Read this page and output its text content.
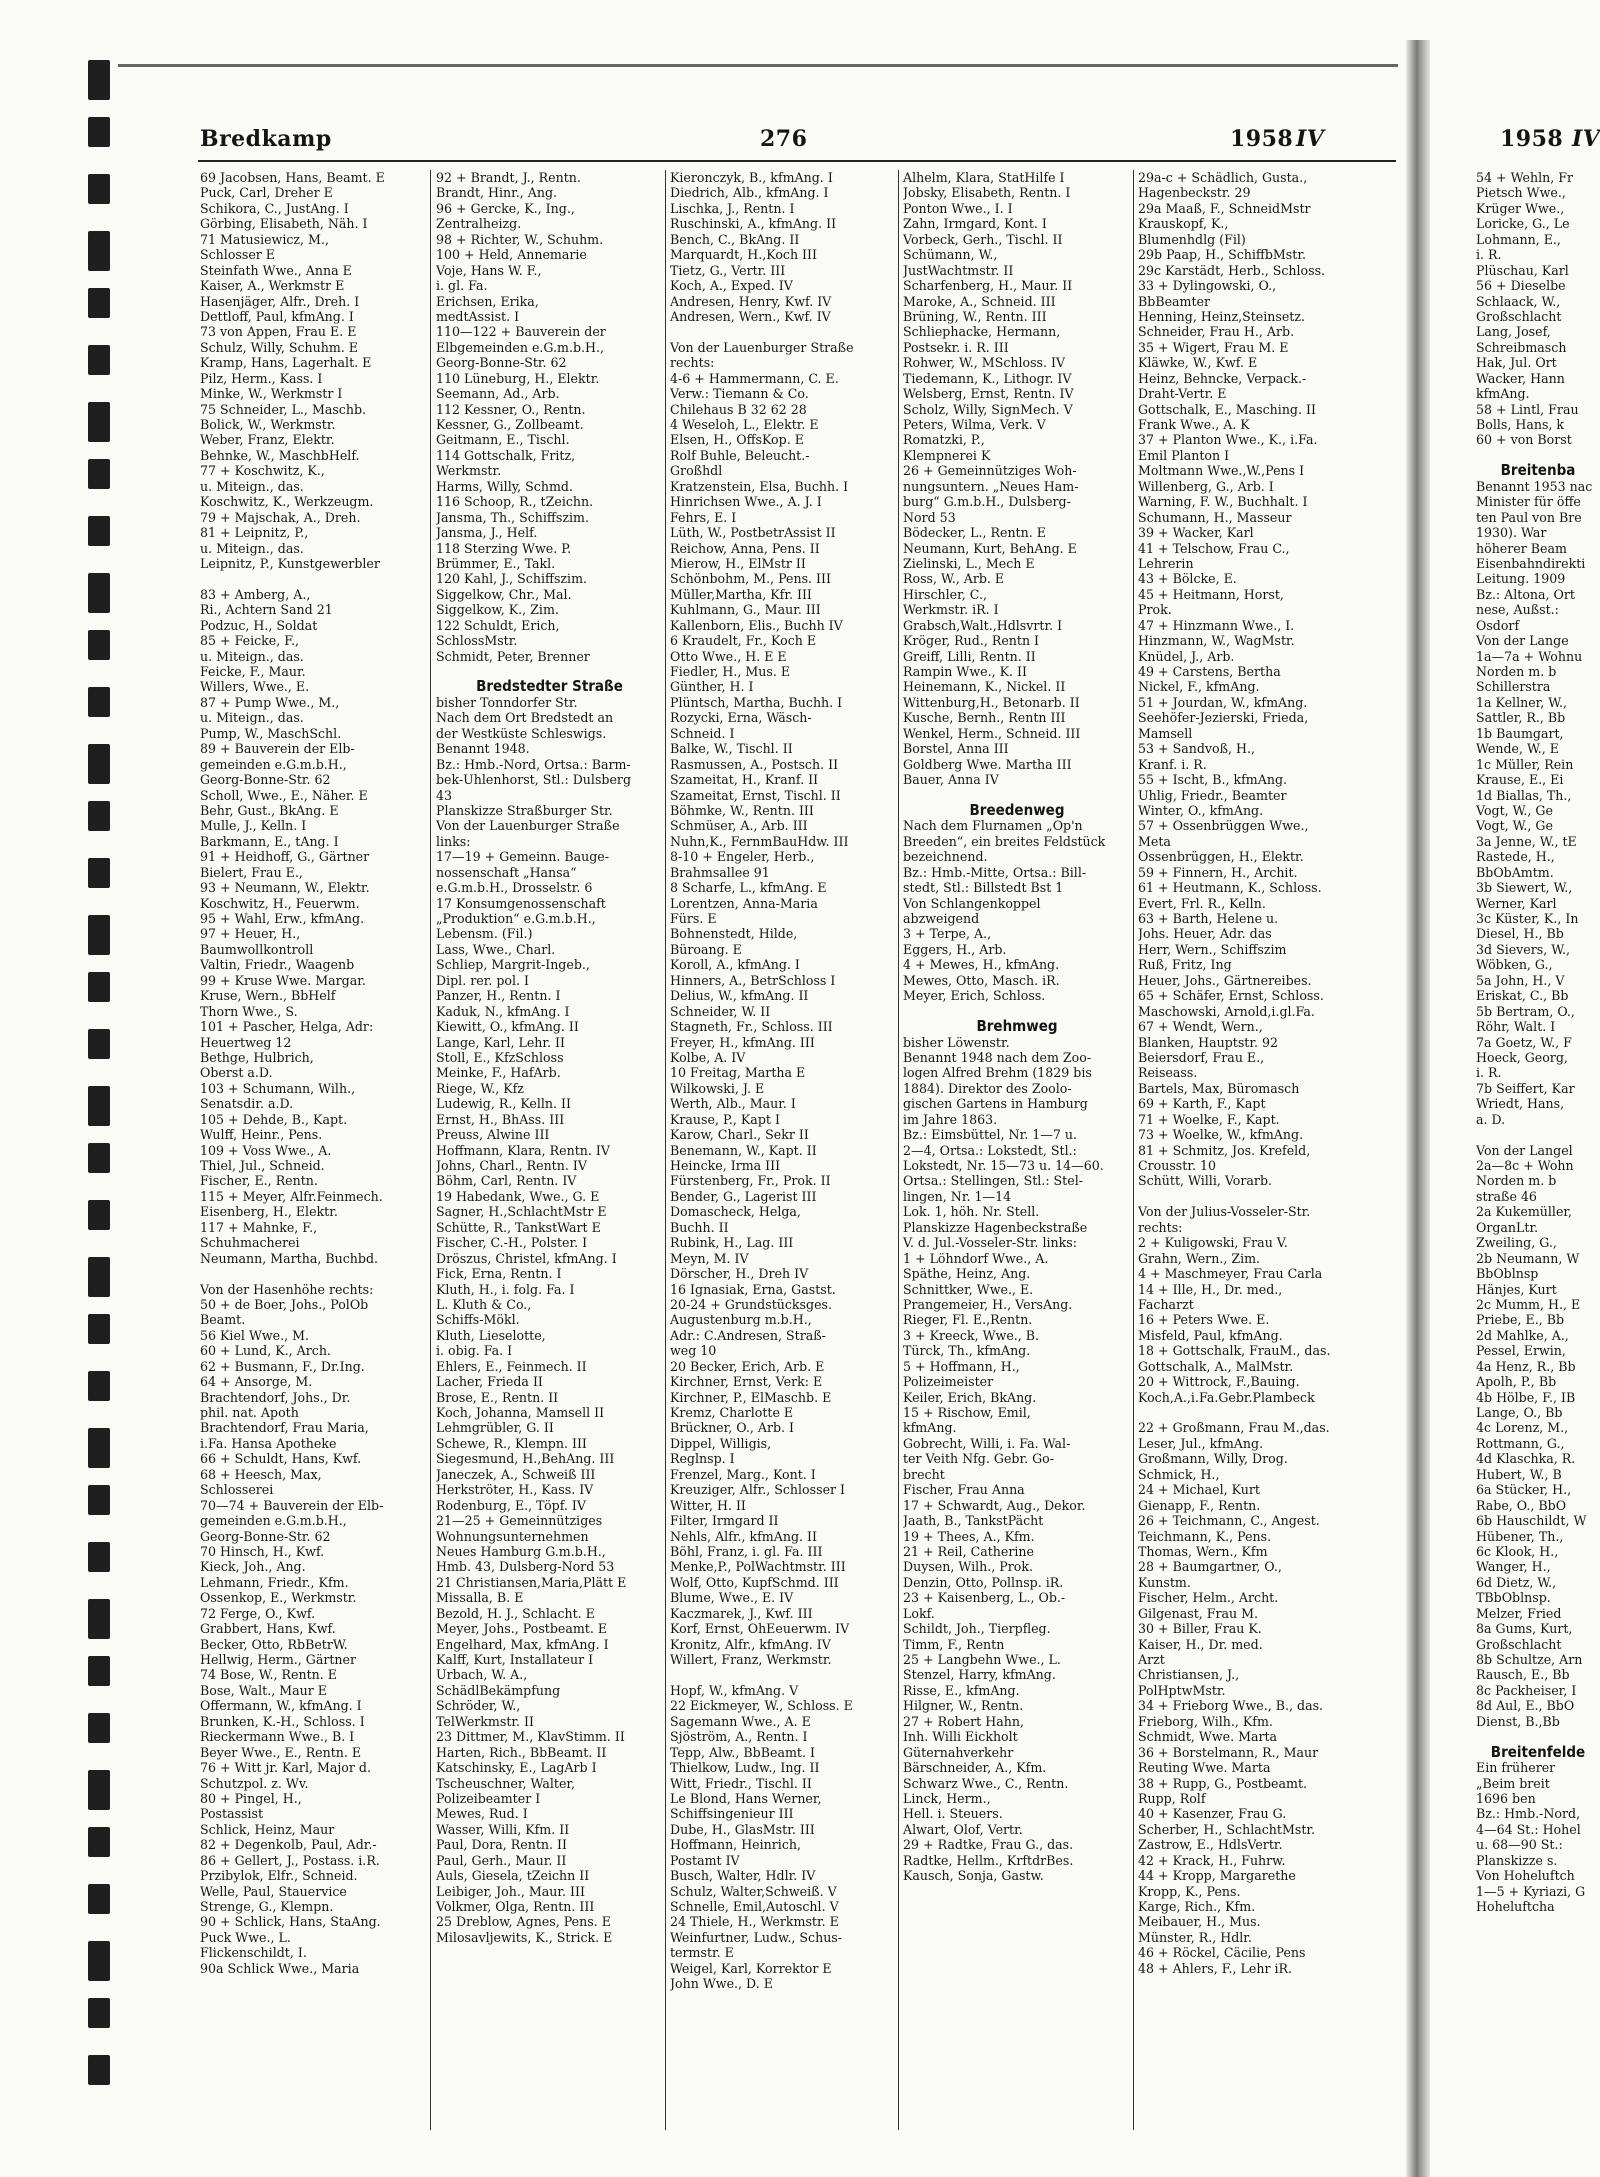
Bredkamp	276	1958 IV	1958 IV
69 Jacobsen, Hans, Beamt. E
Puck, Carl, Dreher E
Schikora, C., JustAng. I
Görbing, Elisabeth, Näh. I
71 Matusiewicz, M.,
Schlosser E
Steinfath Wwe., Anna E
Kaiser, A., Werkmstr E
Hasenjäger, Alfr., Dreh. I
Dettloff, Paul, kfmAng. I
73 von Appen, Frau E. E
Schulz, Willy, Schuhm. E
Kramp, Hans, Lagerhalt. E
Pilz, Herm., Kass. I
Minke, W., Werkmstr I
75 Schneider, L., Maschb.
Bolick, W., Werkmstr.
Weber, Franz, Elektr.
Behnke, W., MaschbHelf.
77 + Koschwitz, K.,
u. Miteign., das.
Koschwitz, K., Werkzeugm.
79 + Majschak, A., Dreh.
81 + Leipnitz, P.,
u. Miteign., das.
Leipnitz, P., Kunstgewerbler
83 + Amberg, A.,
Ri., Achtern Sand 21
Podzuc, H., Soldat
85 + Feicke, F.,
u. Miteign., das.
Feicke, F., Maur.
Willers, Wwe., E.
87 + Pump Wwe., M.,
u. Miteign., das.
Pump, W., MaschSchl.
89 + Bauverein der Elb-
gemeinden e.G.m.b.H.,
Georg-Bonne-Str. 62
Scholl, Wwe., E., Näher. E
Behr, Gust., BkAng. E
Mulle, J., Kelln. I
Barkmann, E., tAng. I
91 + Heidhoff, G., Gärtner
Bielert, Frau E.,
93 + Neumann, W., Elektr.
Koschwitz, H., Feuerwm.
95 + Wahl, Erw., kfmAng.
97 + Heuer, H.,
Baumwollkontroll
Valtin, Friedr., Waagenb
99 + Kruse Wwe. Margar.
Kruse, Wern., BbHelf
Thorn Wwe., S.
101 + Pascher, Helga, Adr:
Heuertweg 12
Bethge, Hulbrich,
Oberst a.D.
103 + Schumann, Wilh.,
Senatsdir. a.D.
105 + Dehde, B., Kapt.
Wulff, Heinr., Pens.
109 + Voss Wwe., A.
Thiel, Jul., Schneid.
Fischer, E., Rentn.
115 + Meyer, Alfr.Feinmech.
Eisenberg, H., Elektr.
117 + Mahnke, F.,
Schuhmacherei
Neumann, Martha, Buchbd.
Von der Hasenhöhe rechts:
50 + de Boer, Johs., PolOb
Beamt.
56 Kiel Wwe., M.
60 + Lund, K., Arch.
62 + Busmann, F., Dr.Ing.
64 + Ansorge, M.
Brachtendorf, Johs., Dr.
phil. nat. Apoth
Brachtendorf, Frau Maria,
i.Fa. Hansa Apotheke
66 + Schuldt, Hans, Kwf.
68 + Heesch, Max,
Schlosserei
70—74 + Bauverein der Elb-
gemeinden e.G.m.b.H.,
Georg-Bonne-Str. 62
70 Hinsch, H., Kwf.
Kieck, Joh., Ang.
Lehmann, Friedr., Kfm.
Ossenkop, E., Werkmstr.
72 Ferge, O., Kwf.
Grabbert, Hans, Kwf.
Becker, Otto, RbBetrW.
Hellwig, Herm., Gärtner
74 Bose, W., Rentn. E
Bose, Walt., Maur E
Offermann, W., kfmAng. I
Brunken, K.-H., Schloss. I
Rieckermann Wwe., B. I
Beyer Wwe., E., Rentn. E
76 + Witt jr. Karl, Major d.
Schutzpol. z. Wv.
80 + Pingel, H.,
Postassist
Schlick, Heinz, Maur
82 + Degenkolb, Paul, Adr.-
86 + Gellert, J., Postass. i.R.
Przibylok, Elfr., Schneid.
Welle, Paul, Stauervice
Strenge, G., Klempn.
90 + Schlick, Hans, StaAng.
Puck Wwe., L.
Flickenschildt, I.
90a Schlick Wwe., Maria
92 + Brandt, J., Rentn.
Brandt, Hinr., Ang.
96 + Gercke, K., Ing.,
Zentralheizg.
98 + Richter, W., Schuhm.
100 + Held, Annemarie
Voje, Hans W. F.,
i. gl. Fa.
Erichsen, Erika,
medtAssist. I
110—122 + Bauverein der
Elbgemeinden e.G.m.b.H.,
Georg-Bonne-Str. 62
110 Lüneburg, H., Elektr.
Seemann, Ad., Arb.
112 Kessner, O., Rentn.
Kessner, G., Zollbeamt.
Geitmann, E., Tischl.
114 Gottschalk, Fritz,
Werkmstr.
Harms, Willy, Schmd.
116 Schoop, R., tZeichn.
Jansma, Th., Schiffszim.
Jansma, J., Helf.
118 Sterzing Wwe. P.
Brümmer, E., Takl.
120 Kahl, J., Schiffszim.
Siggelkow, Chr., Mal.
Siggelkow, K., Zim.
122 Schuldt, Erich,
SchlossMstr.
Schmidt, Peter, Brenner
Bredstedter Straße
bisher Tonndorfer Str.
Nach dem Ort Bredstedt an
der Westküste Schleswigs.
Benannt 1948.
Bz.: Hmb.-Nord, Ortsa.: Barm-
bek-Uhlenhorst, Stl.: Dulsberg
43
Planskizze Straßburger Str.
Von der Lauenburger Straße
links:
17—19 + Gemeinn. Bauge-
nossenschaft „Hansa“
e.G.m.b.H., Drosselstr. 6
17 Konsumgenossenschaft
„Produktion“ e.G.m.b.H.,
Lebensm. (Fil.)
Lass, Wwe., Charl.
Schliep, Margrit-Ingeb.,
Dipl. rer. pol. I
Panzer, H., Rentn. I
Kaduk, N., kfmAng. I
Kiewitt, O., kfmAng. II
Lange, Karl, Lehr. II
Stoll, E., KfzSchloss
Meinke, F., HafArb.
Riege, W., Kfz
Ludewig, R., Kelln. II
Ernst, H., BhAss. III
Preuss, Alwine III
Hoffmann, Klara, Rentn. IV
Johns, Charl., Rentn. IV
Böhm, Carl, Rentn. IV
19 Habedank, Wwe., G. E
Sagner, H.,SchlachtMstr E
Schütte, R., TankstWart E
Fischer, C.-H., Polster. I
Dröszus, Christel, kfmAng. I
Fick, Erna, Rentn. I
Kluth, H., i. folg. Fa. I
L. Kluth & Co.,
Schiffs-Mökl.
Kluth, Lieselotte,
i. obig. Fa. I
Ehlers, E., Feinmech. II
Lacher, Frieda II
Brose, E., Rentn. II
Koch, Johanna, Mamsell II
Lehmgrübler, G. II
Schewe, R., Klempn. III
Siegesmund, H.,BehAng. III
Janeczek, A., Schweiß III
Herkströter, H., Kass. IV
Rodenburg, E., Töpf. IV
21—25 + Gemeinnütziges
Wohnungsunternehmen
Neues Hamburg G.m.b.H.,
Hmb. 43, Dulsberg-Nord 53
21 Christiansen,Maria,Plätt E
Missalla, B. E
Bezold, H. J., Schlacht. E
Meyer, Johs., Postbeamt. E
Engelhard, Max, kfmAng. I
Kalff, Kurt, Installateur I
Urbach, W. A.,
SchädlBekämpfung
Schröder, W.,
TelWerkmstr. II
23 Dittmer, M., KlavStimm. II
Harten, Rich., BbBeamt. II
Katschinsky, E., LagArb I
Tscheuschner, Walter,
Polizeibeamter I
Mewes, Rud. I
Wasser, Willi, Kfm. II
Paul, Dora, Rentn. II
Paul, Gerh., Maur. II
Auls, Giesela, tZeichn II
Leibiger, Joh., Maur. III
Volkmer, Olga, Rentn. III
25 Dreblow, Agnes, Pens. E
Milosavljewits, K., Strick. E
Kieronczyk, B., kfmAng. I
Diedrich, Alb., kfmAng. I
Lischka, J., Rentn. I
Ruschinski, A., kfmAng. II
Bench, C., BkAng. II
Marquardt, H.,Koch III
Tietz, G., Vertr. III
Koch, A., Exped. IV
Andresen, Henry, Kwf. IV
Andresen, Wern., Kwf. IV
Von der Lauenburger Straße
rechts:
4-6 + Hammermann, C. E.
Verw.: Tiemann & Co.
Chilehaus B 32 62 28
4 Weseloh, L., Elektr. E
Elsen, H., OffsKop. E
Rolf Buhle, Beleucht.-
Großhdl
Kratzenstein, Elsa, Buchh. I
Hinrichsen Wwe., A. J. I
Fehrs, E. I
Lüth, W., PostbetrAssist II
Reichow, Anna, Pens. II
Mierow, H., ElMstr II
Schönbohm, M., Pens. III
Müller,Martha, Kfr. III
Kuhlmann, G., Maur. III
Kallenborn, Elis., Buchh IV
6 Kraudelt, Fr., Koch E
Otto Wwe., H. E E
Fiedler, H., Mus. E
Günther, H. I
Plüntsch, Martha, Buchh. I
Rozycki, Erna, Wäsch-
Schneid. I
Balke, W., Tischl. II
Rasmussen, A., Postsch. II
Szameitat, H., Kranf. II
Szameitat, Ernst, Tischl. II
Böhmke, W., Rentn. III
Schmüser, A., Arb. III
Nuhn,K., FernmBauHdw. III
8-10 + Engeler, Herb.,
Brahmsallee 91
8 Scharfe, L., kfmAng. E
Lorentzen, Anna-Maria
Fürs. E
Bohnenstedt, Hilde,
Büroang. E
Koroll, A., kfmAng. I
Hinners, A., BetrSchloss I
Delius, W., kfmAng. II
Schneider, W. II
Stagneth, Fr., Schloss. III
Freyer, H., kfmAng. III
Kolbe, A. IV
10 Freitag, Martha E
Wilkowski, J. E
Werth, Alb., Maur. I
Krause, P., Kapt I
Karow, Charl., Sekr II
Benemann, W., Kapt. II
Heincke, Irma III
Fürstenberg, Fr., Prok. II
Bender, G., Lagerist III
Domascheck, Helga,
Buchh. II
Rubink, H., Lag. III
Meyn, M. IV
Dörscher, H., Dreh IV
16 Ignasiak, Erna, Gastst.
20-24 + Grundstücksges.
Augustenburg m.b.H.,
Adr.: C.Andresen, Straß-
weg 10
20 Becker, Erich, Arb. E
Kirchner, Ernst, Verk: E
Kirchner, P., ElMaschb. E
Kremz, Charlotte E
Brückner, O., Arb. I
Dippel, Willigis,
Reglnsp. I
Frenzel, Marg., Kont. I
Kreuziger, Alfr., Schlosser I
Witter, H. II
Filter, Irmgard II
Nehls, Alfr., kfmAng. II
Böhl, Franz, i. gl. Fa. III
Menke,P., PolWachtmstr. III
Wolf, Otto, KupfSchmd. III
Blume, Wwe., E. IV
Kaczmarek, J., Kwf. III
Korf, Ernst, OhEeuerwm. IV
Kronitz, Alfr., kfmAng. IV
Willert, Franz, Werkmstr.
Hopf, W., kfmAng. V
22 Eickmeyer, W., Schloss. E
Sagemann Wwe., A. E
Sjöström, A., Rentn. I
Tepp, Alw., BbBeamt. I
Thielkow, Ludw., Ing. II
Witt, Friedr., Tischl. II
Le Blond, Hans Werner,
Schiffsingenieur III
Dube, H., GlasMstr. III
Hoffmann, Heinrich,
Postamt IV
Busch, Walter, Hdlr. IV
Schulz, Walter,Schweiß. V
Schnelle, Emil,Autoschl. V
24 Thiele, H., Werkmstr. E
Weinfurtner, Ludw., Schus-
termstr. E
Weigel, Karl, Korrektor E
John Wwe., D. E
Alhelm, Klara, StatHilfe I
Jobsky, Elisabeth, Rentn. I
Ponton Wwe., I. I
Zahn, Irmgard, Kont. I
Vorbeck, Gerh., Tischl. II
Schümann, W.,
JustWachtmstr. II
Scharfenberg, H., Maur. II
Maroke, A., Schneid. III
Brüning, W., Rentn. III
Schliephacke, Hermann,
Postsekr. i. R. III
Rohwer, W., MSchloss. IV
Tiedemann, K., Lithogr. IV
Welsberg, Ernst, Rentn. IV
Scholz, Willy, SignMech. V
Peters, Wilma, Verk. V
Romatzki, P.,
Klempnerei K
26 + Gemeinnütziges Woh-
nungsuntern. „Neues Ham-
burg“ G.m.b.H., Dulsberg-
Nord 53
Bödecker, L., Rentn. E
Neumann, Kurt, BehAng. E
Zielinski, L., Mech E
Ross, W., Arb. E
Hirschler, C.,
Werkmstr. iR. I
Grabsch,Walt.,Hdlsvrtr. I
Kröger, Rud., Rentn I
Greiff, Lilli, Rentn. II
Rampin Wwe., K. II
Heinemann, K., Nickel. II
Wittenburg,H., Betonarb. II
Kusche, Bernh., Rentn III
Wenkel, Herm., Schneid. III
Borstel, Anna III
Goldberg Wwe. Martha III
Bauer, Anna IV
Breedenweg
Nach dem Flurnamen „Op'n
Breeden“, ein breites Feldstück
bezeichnend.
Bz.: Hmb.-Mitte, Ortsa.: Bill-
stedt, Stl.: Billstedt Bst 1
Von Schlangenkoppel
abzweigend
3 + Terpe, A.,
Eggers, H., Arb.
4 + Mewes, H., kfmAng.
Mewes, Otto, Masch. iR.
Meyer, Erich, Schloss.
Brehmweg
bisher Löwenstr.
Benannt 1948 nach dem Zoo-
logen Alfred Brehm (1829 bis
1884). Direktor des Zoolo-
gischen Gartens in Hamburg
im Jahre 1863.
Bz.: Eimsbüttel, Nr. 1—7 u.
2—4, Ortsa.: Lokstedt, Stl.:
Lokstedt, Nr. 15—73 u. 14—60.
Ortsa.: Stellingen, Stl.: Stel-
lingen, Nr. 1—14
Lok. 1, höh. Nr. Stell.
Planskizze Hagenbeckstraße
V. d. Jul.-Vosseler-Str. links:
1 + Löhndorf Wwe., A.
Späthe, Heinz, Ang.
Schnittker, Wwe., E.
Prangemeier, H., VersAng.
Rieger, Fl. E.,Rentn.
3 + Kreeck, Wwe., B.
Türck, Th., kfmAng.
5 + Hoffmann, H.,
Polizeimeister
Keiler, Erich, BkAng.
15 + Rischow, Emil,
kfmAng.
Gobrecht, Willi, i. Fa. Wal-
ter Veith Nfg. Gebr. Go-
brecht
Fischer, Frau Anna
17 + Schwardt, Aug., Dekor.
Jaath, B., TankstPächt
19 + Thees, A., Kfm.
21 + Reil, Catherine
Duysen, Wilh., Prok.
Denzin, Otto, Pollnsp. iR.
23 + Kaisenberg, L., Ob.-
Lokf.
Schildt, Joh., Tierpfleg.
Timm, F., Rentn
25 + Langbehn Wwe., L.
Stenzel, Harry, kfmAng.
Risse, E., kfmAng.
Hilgner, W., Rentn.
27 + Robert Hahn,
Inh. Willi Eickholt
Güternahverkehr
Bärschneider, A., Kfm.
Schwarz Wwe., C., Rentn.
Linck, Herm.,
Hell. i. Steuers.
Alwart, Olof, Vertr.
29 + Radtke, Frau G., das.
Radtke, Hellm., KrftdrBes.
Kausch, Sonja, Gastw.
29a-c + Schädlich, Gusta.,
Hagenbeckstr. 29
29a Maaß, F., SchneidMstr
Krauskopf, K.,
Blumenhdlg (Fil)
29b Paap, H., SchiffbMstr.
29c Karstädt, Herb., Schloss.
33 + Dylingowski, O.,
BbBeamter
Henning, Heinz,Steinsetz.
Schneider, Frau H., Arb.
35 + Wigert, Frau M. E
Kläwke, W., Kwf. E
Heinz, Behncke, Verpack.-
Draht-Vertr. E
Gottschalk, E., Masching. II
Frank Wwe., A. K
37 + Planton Wwe., K., i.Fa.
Emil Planton I
Moltmann Wwe.,W.,Pens I
Willenberg, G., Arb. I
Warning, F. W., Buchhalt. I
Schumann, H., Masseur
39 + Wacker, Karl
41 + Telschow, Frau C.,
Lehrerin
43 + Bölcke, E.
45 + Heitmann, Horst,
Prok.
47 + Hinzmann Wwe., I.
Hinzmann, W., WagMstr.
Knüdel, J., Arb.
49 + Carstens, Bertha
Nickel, F., kfmAng.
51 + Jourdan, W., kfmAng.
Seehöfer-Jezierski, Frieda,
Mamsell
53 + Sandvoß, H.,
Kranf. i. R.
55 + Ischt, B., kfmAng.
Uhlig, Friedr., Beamter
Winter, O., kfmAng.
57 + Ossenbrüggen Wwe.,
Meta
Ossenbrüggen, H., Elektr.
59 + Finnern, H., Archit.
61 + Heutmann, K., Schloss.
Evert, Frl. R., Kelln.
63 + Barth, Helene u.
Johs. Heuer, Adr. das
Herr, Wern., Schiffszim
Ruß, Fritz, Ing
Heuer, Johs., Gärtnereibes.
65 + Schäfer, Ernst, Schloss.
Maschowski, Arnold,i.gl.Fa.
67 + Wendt, Wern.,
Blanken, Hauptstr. 92
Beiersdorf, Frau E.,
Reiseass.
Bartels, Max, Büromasch
69 + Karth, F., Kapt
71 + Woelke, F., Kapt.
73 + Woelke, W., kfmAng.
81 + Schmitz, Jos. Krefeld,
Crousstr. 10
Schütt, Willi, Vorarb.
Von der Julius-Vosseler-Str.
rechts:
2 + Kuligowski, Frau V.
Grahn, Wern., Zim.
4 + Maschmeyer, Frau Carla
14 + Ille, H., Dr. med.,
Facharzt
16 + Peters Wwe. E.
Misfeld, Paul, kfmAng.
18 + Gottschalk, FrauM., das.
Gottschalk, A., MalMstr.
20 + Wittrock, F.,Bauing.
Koch,A.,i.Fa.Gebr.Plambeck
22 + Großmann, Frau M.,das.
Leser, Jul., kfmAng.
Großmann, Willy, Drog.
Schmick, H.,
24 + Michael, Kurt
Gienapp, F., Rentn.
26 + Teichmann, C., Angest.
Teichmann, K., Pens.
Thomas, Wern., Kfm
28 + Baumgartner, O.,
Kunstm.
Fischer, Helm., Archt.
Gilgenast, Frau M.
30 + Biller, Frau K.
Kaiser, H., Dr. med.
Arzt
Christiansen, J.,
PolHptwMstr.
34 + Frieborg Wwe., B., das.
Frieborg, Wilh., Kfm.
Schmidt, Wwe. Marta
36 + Borstelmann, R., Maur
Reuting Wwe. Marta
38 + Rupp, G., Postbeamt.
Rupp, Rolf
40 + Kasenzer, Frau G.
Scherber, H., SchlachtMstr.
Zastrow, E., HdlsVertr.
42 + Krack, H., Fuhrw.
44 + Kropp, Margarethe
Kropp, K., Pens.
Karge, Rich., Kfm.
Meibauer, H., Mus.
Münster, R., Hdlr.
46 + Röckel, Cäcilie, Pens
48 + Ahlers, F., Lehr iR.
54 + Wehln, Fr
Pietsch Wwe.,
Krüger Wwe.,
Loricke, G., Le
Lohmann, E.,
i. R.
Plüschau, Karl
56 + Dieselbe
Schlaack, W.,
Großschlacht
Lang, Josef,
Schreibmasch
Hak, Jul. Ort
Wacker, Hann
kfmAng.
58 + Lintl, Frau
Bolls, Hans, k
60 + von Borst
Breitenba
Benannt 1953 nac
Minister für öffe
ten Paul von Bre
1930). War
höherer Beam
Eisenbahndirekti
Leitung. 1909
Bz.: Altona, Ort
nese, Außst.:
Osdorf
Von der Lange
1a—7a + Wohnu
Norden m. b
Schillerstra
1a Kellner, W.,
Sattler, R., Bb
1b Baumgart,
Wende, W., E
1c Müller, Rein
Krause, E., Ei
1d Biallas, Th.,
Vogt, W., Ge
Vogt, W., Ge
3a Jenne, W., tE
Rastede, H.,
BbObAmtm.
3b Siewert, W.,
Werner, Karl
3c Küster, K., In
Diesel, H., Bb
3d Sievers, W.,
Wöbken, G.,
5a John, H., V
Eriskat, C., Bb
5b Bertram, O.,
Röhr, Walt. I
7a Goetz, W., F
Hoeck, Georg,
i. R.
7b Seiffert, Kar
Wriedt, Hans,
a. D.
Von der Langel
2a—8c + Wohn
Norden m. b
straße 46
2a Kukemüller,
OrganLtr.
Zweiling, G.,
2b Neumann, W
BbOblnsp
Hänjes, Kurt
2c Mumm, H., E
Priebe, E., Bb
2d Mahlke, A.,
Pessel, Erwin,
4a Henz, R., Bb
Apolh, P., Bb
4b Hölbe, F., IB
Lange, O., Bb
4c Lorenz, M.,
Rottmann, G.,
4d Klaschka, R.
Hubert, W., B
6a Stücker, H.,
Rabe, O., BbO
6b Hauschildt, W
Hübener, Th.,
6c Klook, H.,
Wanger, H.,
6d Dietz, W.,
TBbOblnsp.
Melzer, Fried
8a Gums, Kurt,
Großschlacht
8b Schultze, Arn
Rausch, E., Bb
8c Packheiser, I
8d Aul, E., BbO
Dienst, B.,Bb
Breitenfelde
Ein früherer
„Beim breit
1696 ben
Bz.: Hmb.-Nord,
4—64 St.: Hohel
u. 68—90 St.:
Planskizze s.
Von Hoheluftch
1—5 + Kyriazi, G
Hoheluftcha
